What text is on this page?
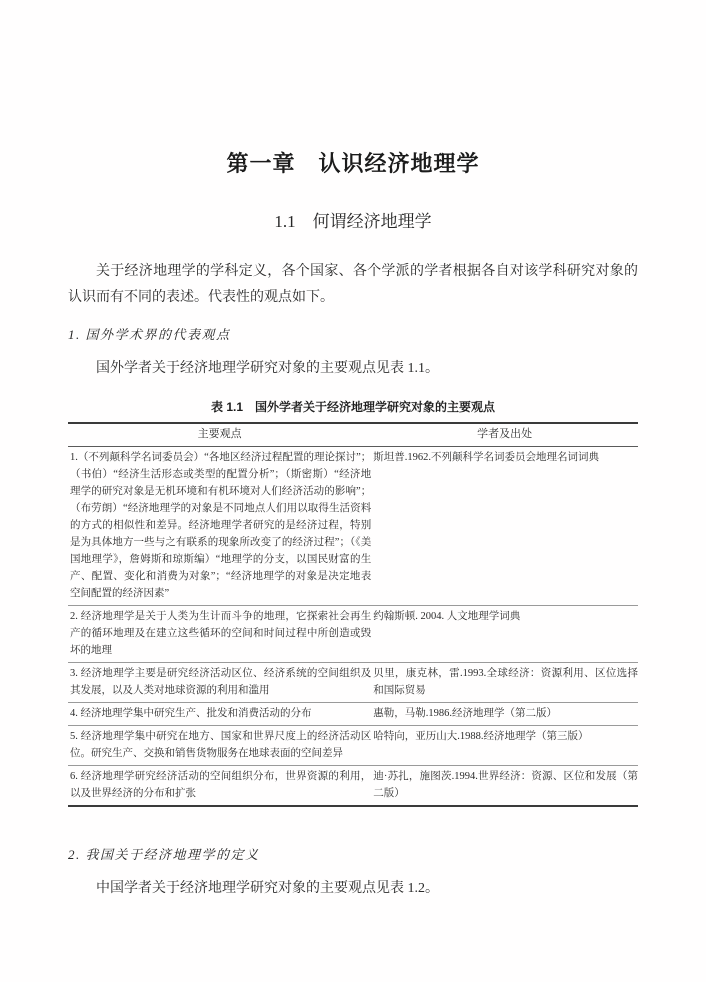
第一章　认识经济地理学
1.1　何谓经济地理学

关于经济地理学的学科定义，各个国家、各个学派的学者根据各自对该学科研究对象的认识而有不同的表述。代表性的观点如下。

1. 国外学术界的代表观点

国外学者关于经济地理学研究对象的主要观点见表 1.1。

表 1.1　国外学者关于经济地理学研究对象的主要观点
主要观点	学者及出处
1.（不列颠科学名词委员会）“各地区经济过程配置的理论探讨”；（书伯）“经济生活形态或类型的配置分析”；（斯密斯）“经济地理学的研究对象是无机环境和有机环境对人们经济活动的影响”；（布劳朗）“经济地理学的对象是不同地点人们用以取得生活资料的方式的相似性和差异。经济地理学者研究的是经济过程，特别是为具体地方一些与之有联系的现象所改变了的经济过程”；（《美国地理学》，詹姆斯和琼斯编）“地理学的分支，以国民财富的生产、配置、变化和消费为对象”；“经济地理学的对象是决定地表空间配置的经济因素”	斯坦普.1962.不列颠科学名词委员会地理名词词典
2. 经济地理学是关于人类为生计而斗争的地理，它探索社会再生产的循环地理及在建立这些循环的空间和时间过程中所创造或毁坏的地理	约翰斯顿. 2004. 人文地理学词典
3. 经济地理学主要是研究经济活动区位、经济系统的空间组织及其发展，以及人类对地球资源的利用和滥用	贝里，康克林，雷.1993.全球经济：资源利用、区位选择和国际贸易
4. 经济地理学集中研究生产、批发和消费活动的分布	惠勒，马勒.1986.经济地理学（第二版）
5. 经济地理学集中研究在地方、国家和世界尺度上的经济活动区位。研究生产、交换和销售货物服务在地球表面的空间差异	哈特向，亚历山大.1988.经济地理学（第三版）
6. 经济地理学研究经济活动的空间组织分布，世界资源的利用，以及世界经济的分布和扩张	迪·苏扎，施图茨.1994.世界经济：资源、区位和发展（第二版）
2. 我国关于经济地理学的定义

中国学者关于经济地理学研究对象的主要观点见表 1.2。
